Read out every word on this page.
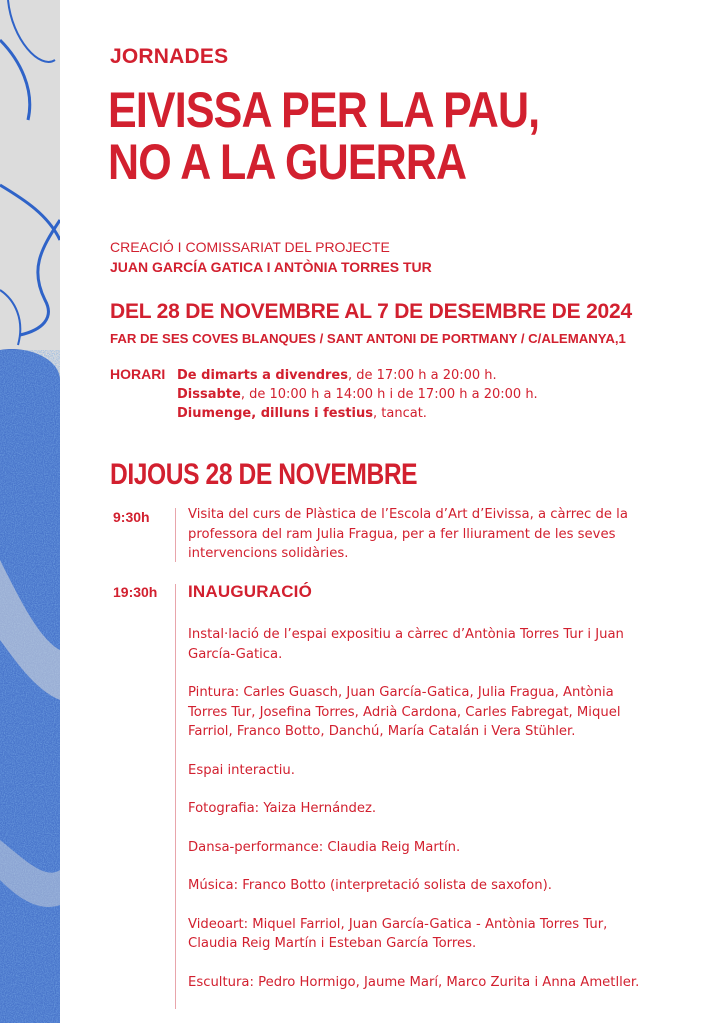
JORNADES
EIVISSA PER LA PAU,
NO A LA GUERRA
CREACIÓ I COMISSARIAT DEL PROJECTE
JUAN GARCÍA GATICA I ANTÒNIA TORRES TUR
DEL 28 DE NOVEMBRE AL 7 DE DESEMBRE DE 2024
FAR DE SES COVES BLANQUES / SANT ANTONI DE PORTMANY / C/ALEMANYA,1
HORARI De dimarts a divendres, de 17:00 h a 20:00 h.
Dissabte, de 10:00 h a 14:00 h i de 17:00 h a 20:00 h.
Diumenge, dilluns i festius, tancat.
DIJOUS 28 DE NOVEMBRE
9:30h	Visita del curs de Plàstica de l’Escola d’Art d’Eivissa, a càrrec de la professora del ram Julia Fragua, per a fer lliurament de les seves intervencions solidàries.

19:30h INAUGURACIÓ

Instal·lació de l’espai expositiu a càrrec d’Antònia Torres Tur i Juan García-Gatica.

Pintura: Carles Guasch, Juan García-Gatica, Julia Fragua, Antònia Torres Tur, Josefina Torres, Adrià Cardona, Carles Fabregat, Miquel Farriol, Franco Botto, Danchú, María Catalán i Vera Stühler.

Espai interactiu.

Fotografia: Yaiza Hernández.

Dansa-performance: Claudia Reig Martín.

Música: Franco Botto (interpretació solista de saxofon).

Videoart: Miquel Farriol, Juan García-Gatica - Antònia Torres Tur, Claudia Reig Martín i Esteban García Torres.

Escultura: Pedro Hormigo, Jaume Marí, Marco Zurita i Anna Ametller.
